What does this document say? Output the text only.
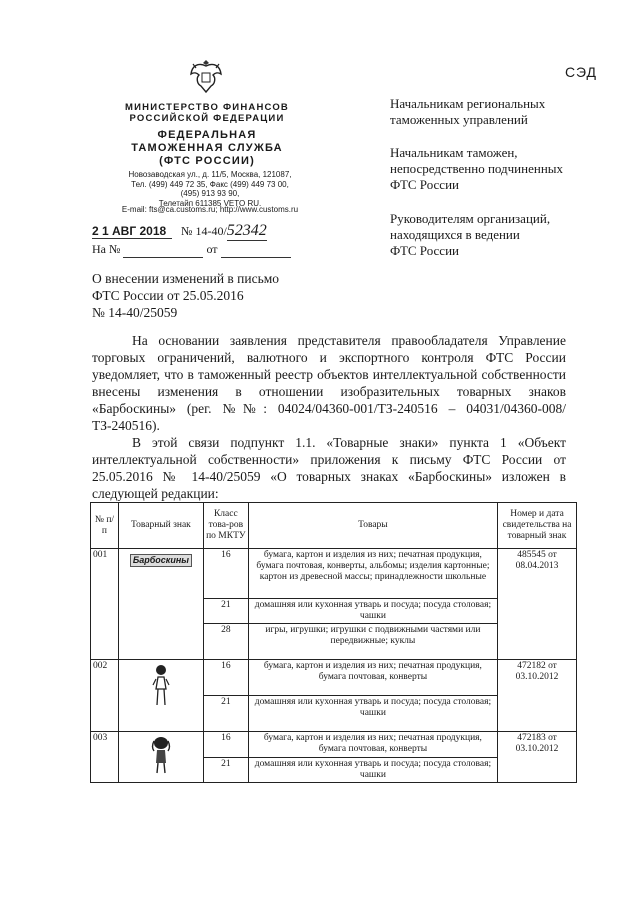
СЭД
МИНИСТЕРСТВО ФИНАНСОВ
РОССИЙСКОЙ ФЕДЕРАЦИИ
ФЕДЕРАЛЬНАЯ
ТАМОЖЕННАЯ СЛУЖБА
(ФТС РОССИИ)
Новозаводская ул., д. 11/5, Москва, 121087,
Тел. (499) 449 72 35, Факс (499) 449 73 00,
(495) 913 93 90,
Телетайп 611385 VETO RU.
E-mail: fts@ca.customs.ru; http://www.customs.ru
2 1 АВГ 2018 № 14-40/52342
На №	от
Начальникам региональных
таможенных управлений
Начальникам таможен,
непосредственно подчиненных
ФТС России
Руководителям организаций,
находящихся в ведении
ФТС России
О внесении изменений в письмо
ФТС России от 25.05.2016
№ 14-40/25059

На основании заявления представителя правообладателя Управление торговых ограничений, валютного и экспортного контроля ФТС России уведомляет, что в таможенный реестр объектов интеллектуальной собственности внесены изменения в отношении изобразительных товарных знаков «Барбоскины» (рег. №№: 04024/04360-001/ТЗ-240516 – 04031/04360-008/ ТЗ-240516).

В этой связи подпункт 1.1. «Товарные знаки» пункта 1 «Объект интеллектуальной собственности» приложения к письму ФТС России от 25.05.2016 № 14-40/25059 «О товарных знаках «Барбоскины» изложен в следующей редакции:

№ п/п	Товарный знак	Класс това-ров по МКТУ	Товары	Номер и дата свидетельства на товарный знак
001	Барбоскины	16	бумага, картон и изделия из них; печатная продукция, бумага почтовая, конверты, альбомы; изделия картонные; картон из древесной массы; принадлежности школьные	485545 от 08.04.2013
		21	домашняя или кухонная утварь и посуда; посуда столовая; чашки	
		28	игры, игрушки; игрушки с подвижными частями или передвижные; куклы	
002		16	бумага, картон и изделия из них; печатная продукция, бумага почтовая, конверты	472182 от 03.10.2012
		21	домашняя или кухонная утварь и посуда; посуда столовая; чашки	
003		16	бумага, картон и изделия из них; печатная продукция, бумага почтовая, конверты	472183 от 03.10.2012
		21	домашняя или кухонная утварь и посуда; посуда столовая; чашки	
